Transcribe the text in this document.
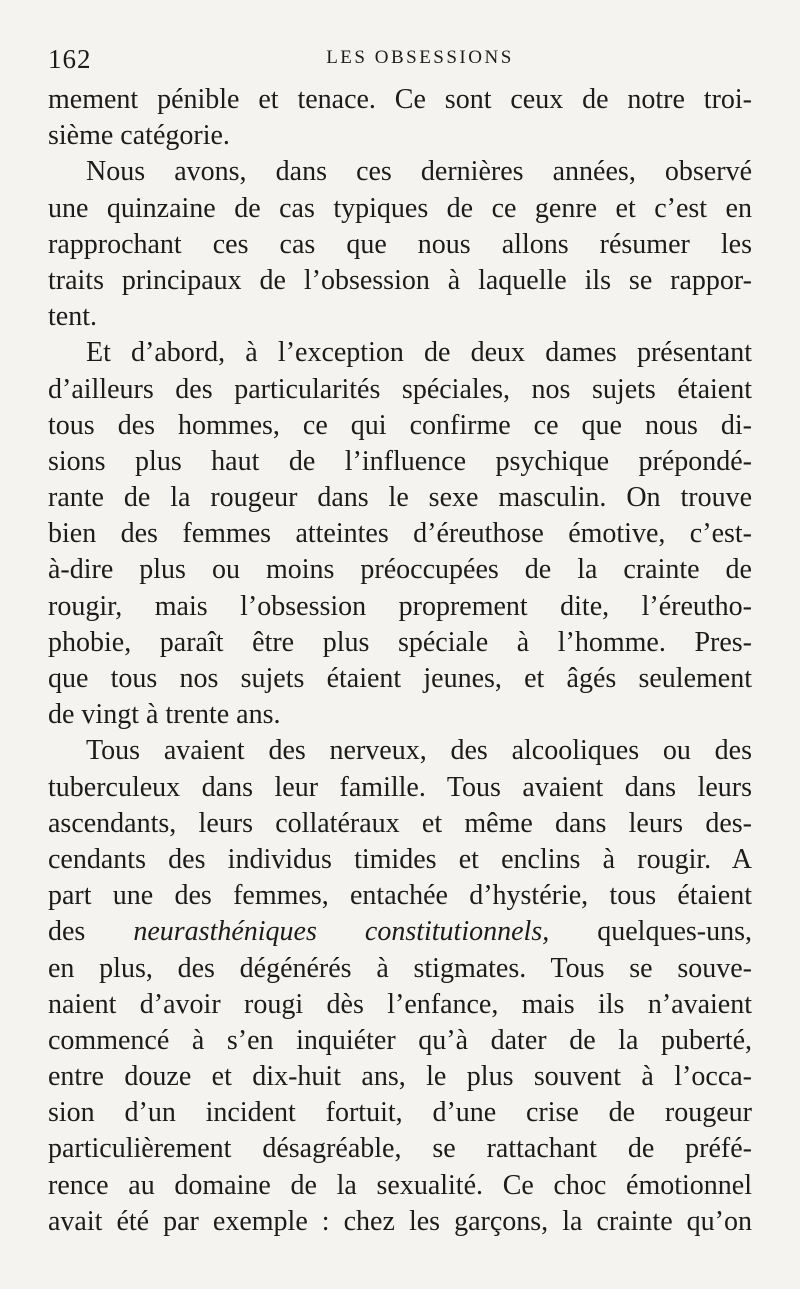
162	LES OBSESSIONS
mement pénible et tenace. Ce sont ceux de notre troi-
sième catégorie.
Nous avons, dans ces dernières années, observé
une quinzaine de cas typiques de ce genre et c’est en
rapprochant ces cas que nous allons résumer les
traits principaux de l’obsession à laquelle ils se rappor-
tent.
Et d’abord, à l’exception de deux dames présentant
d’ailleurs des particularités spéciales, nos sujets étaient
tous des hommes, ce qui confirme ce que nous di-
sions plus haut de l’influence psychique prépondé-
rante de la rougeur dans le sexe masculin. On trouve
bien des femmes atteintes d’éreuthose émotive, c’est-
à-dire plus ou moins préoccupées de la crainte de
rougir, mais l’obsession proprement dite, l’éreutho-
phobie, paraît être plus spéciale à l’homme. Pres-
que tous nos sujets étaient jeunes, et âgés seulement
de vingt à trente ans.
Tous avaient des nerveux, des alcooliques ou des
tuberculeux dans leur famille. Tous avaient dans leurs
ascendants, leurs collatéraux et même dans leurs des-
cendants des individus timides et enclins à rougir. A
part une des femmes, entachée d’hystérie, tous étaient
des neurasthéniques constitutionnels, quelques-uns,
en plus, des dégénérés à stigmates. Tous se souve-
naient d’avoir rougi dès l’enfance, mais ils n’avaient
commencé à s’en inquiéter qu’à dater de la puberté,
entre douze et dix-huit ans, le plus souvent à l’occa-
sion d’un incident fortuit, d’une crise de rougeur
particulièrement désagréable, se rattachant de préfé-
rence au domaine de la sexualité. Ce choc émotionnel
avait été par exemple : chez les garçons, la crainte qu’on
